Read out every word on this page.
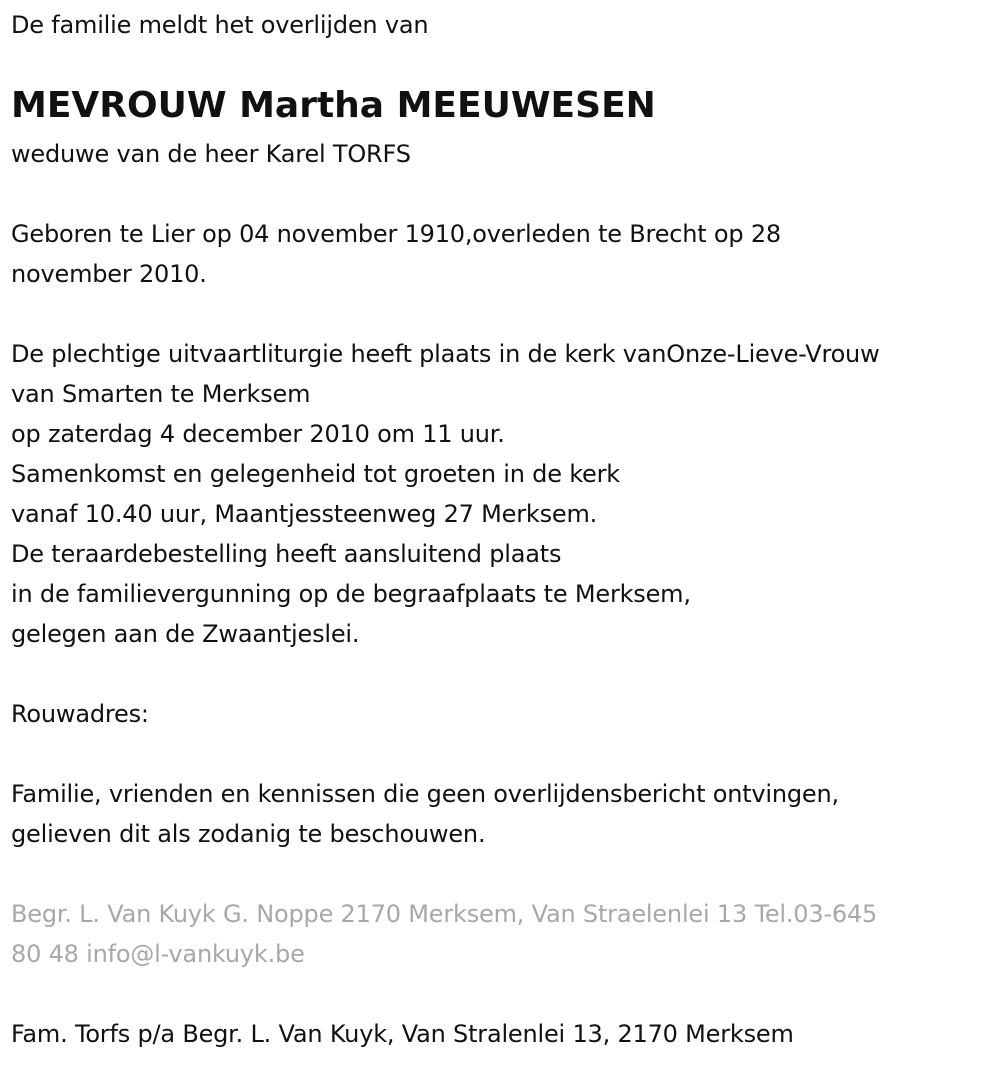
De familie meldt het overlijden van
MEVROUW Martha MEEUWESEN
weduwe van de heer Karel TORFS
Geboren te Lier op 04 november 1910,overleden te Brecht op 28
november 2010.
De plechtige uitvaartliturgie heeft plaats in de kerk vanOnze-Lieve-Vrouw
van Smarten te Merksem
op zaterdag 4 december 2010 om 11 uur.
Samenkomst en gelegenheid tot groeten in de kerk
vanaf 10.40 uur, Maantjessteenweg 27 Merksem.
De teraardebestelling heeft aansluitend plaats
in de familievergunning op de begraafplaats te Merksem,
gelegen aan de Zwaantjeslei.
Rouwadres:
Familie, vrienden en kennissen die geen overlijdensbericht ontvingen,
gelieven dit als zodanig te beschouwen.
Begr. L. Van Kuyk G. Noppe 2170 Merksem, Van Straelenlei 13 Tel.03-645
80 48 info@l-vankuyk.be
Fam. Torfs p/a Begr. L. Van Kuyk, Van Stralenlei 13, 2170 Merksem
